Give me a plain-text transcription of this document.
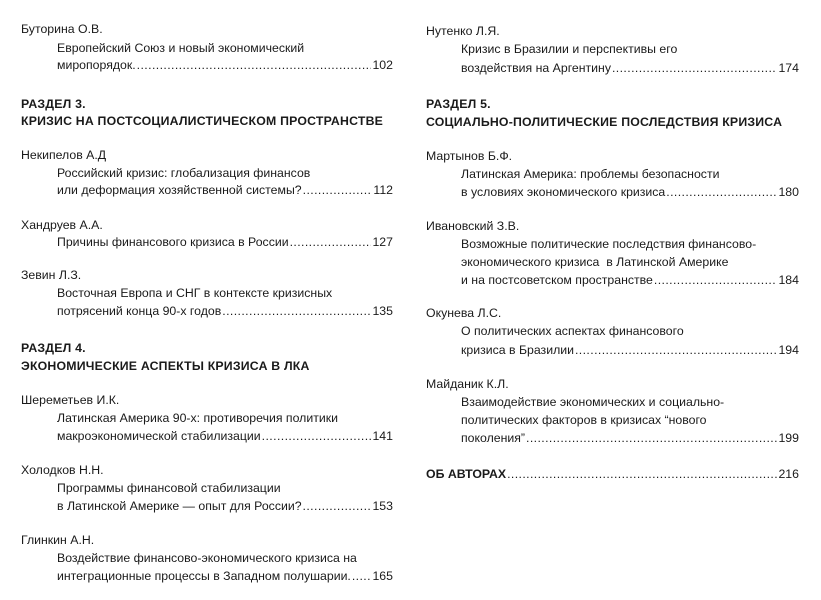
Буторина О.В.
Европейский Союз и новый экономический
миропорядок. .....	102
РАЗДЕЛ 3.
КРИЗИС НА ПОСТСОЦИАЛИСТИЧЕСКОМ ПРОСТРАНСТВЕ
Некипелов А.Д
Российский кризис: глобализация финансов
или деформация хозяйственной системы? .....	112
Хандруев А.А.
Причины финансового кризиса в России .....	127
Зевин Л.З.
Восточная Европа и СНГ в контексте кризисных
потрясений конца 90-х годов .....	135
РАЗДЕЛ 4.
ЭКОНОМИЧЕСКИЕ АСПЕКТЫ КРИЗИСА В ЛКА
Шереметьев И.К.
Латинская Америка 90-х: противоречия политики
макроэкономической стабилизации .....	141
Холодков Н.Н.
Программы финансовой стабилизации
в Латинской Америке — опыт для России? .....	153
Глинкин А.Н.
Воздействие финансово-экономического кризиса на
интеграционные процессы в Западном полушарии. ..... 165
Нутенко Л.Я.
Кризис в Бразилии и перспективы его
воздействия на Аргентину .....	174
РАЗДЕЛ 5.
СОЦИАЛЬНО-ПОЛИТИЧЕСКИЕ ПОСЛЕДСТВИЯ КРИЗИСА
Мартынов Б.Ф.
Латинская Америка: проблемы безопасности
в условиях экономического кризиса .....	180
Ивановский З.В.
Возможные политические последствия финансово-
экономического кризиса  в Латинской Америке
и на постсоветском пространстве .....	184
Окунева Л.С.
О политических аспектах финансового
кризиса в Бразилии .....	194
Майданик К.Л.
Взаимодействие экономических и социально-
политических факторов в кризисах “нового
поколения” .....	199
ОБ АВТОРАХ .....	216
